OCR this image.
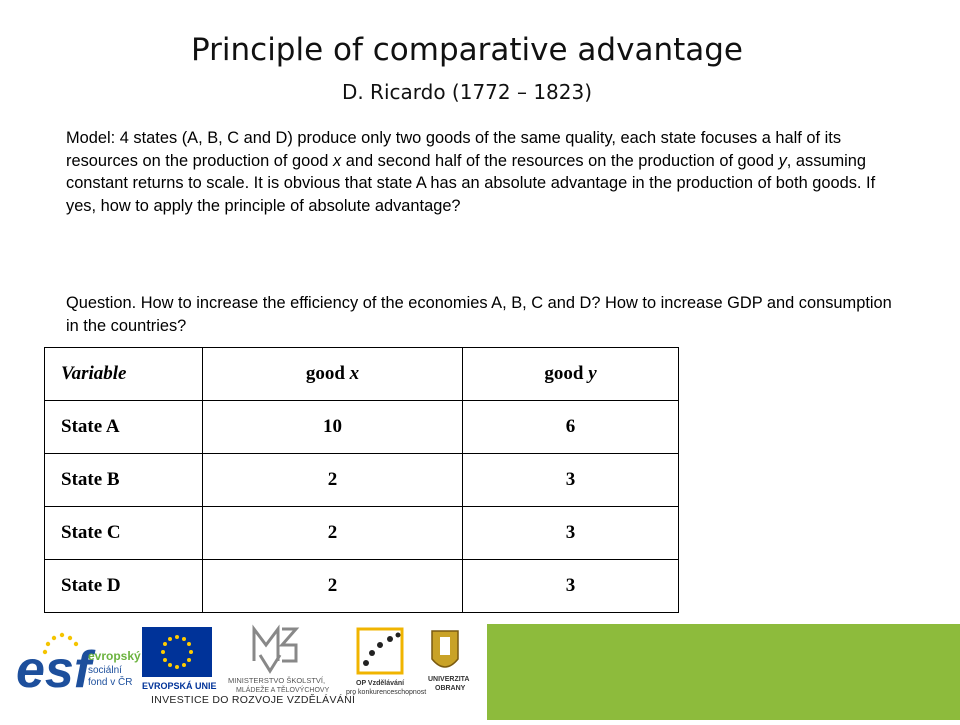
Principle of comparative advantage
D. Ricardo (1772 – 1823)
Model: 4 states (A, B, C and D) produce only two goods of the same quality, each state focuses a half of its resources on the production of good x and second half of the resources on the production of good y, assuming constant returns to scale. It is obvious that state A has an absolute advantage in the production of both goods. If yes, how to apply the principle of absolute advantage?
Question. How to increase the efficiency of the economies A, B, C and D? How to increase GDP and consumption in the countries?
Variable	good x	good y
State A	10	6
State B	2	3
State C	2	3
State D	2	3
esf
evropský
sociální
fond v ČR EVROPSKÁ UNIE
MINISTERSTVO ŠKOLSTVÍ,
MLÁDEŽE A TĚLOVÝCHOVY
OP Vzdělávání
pro konkurenceschopnost
UNIVERZITA
OBRANY
INVESTICE DO ROZVOJE VZDĚLÁVÁNÍ
